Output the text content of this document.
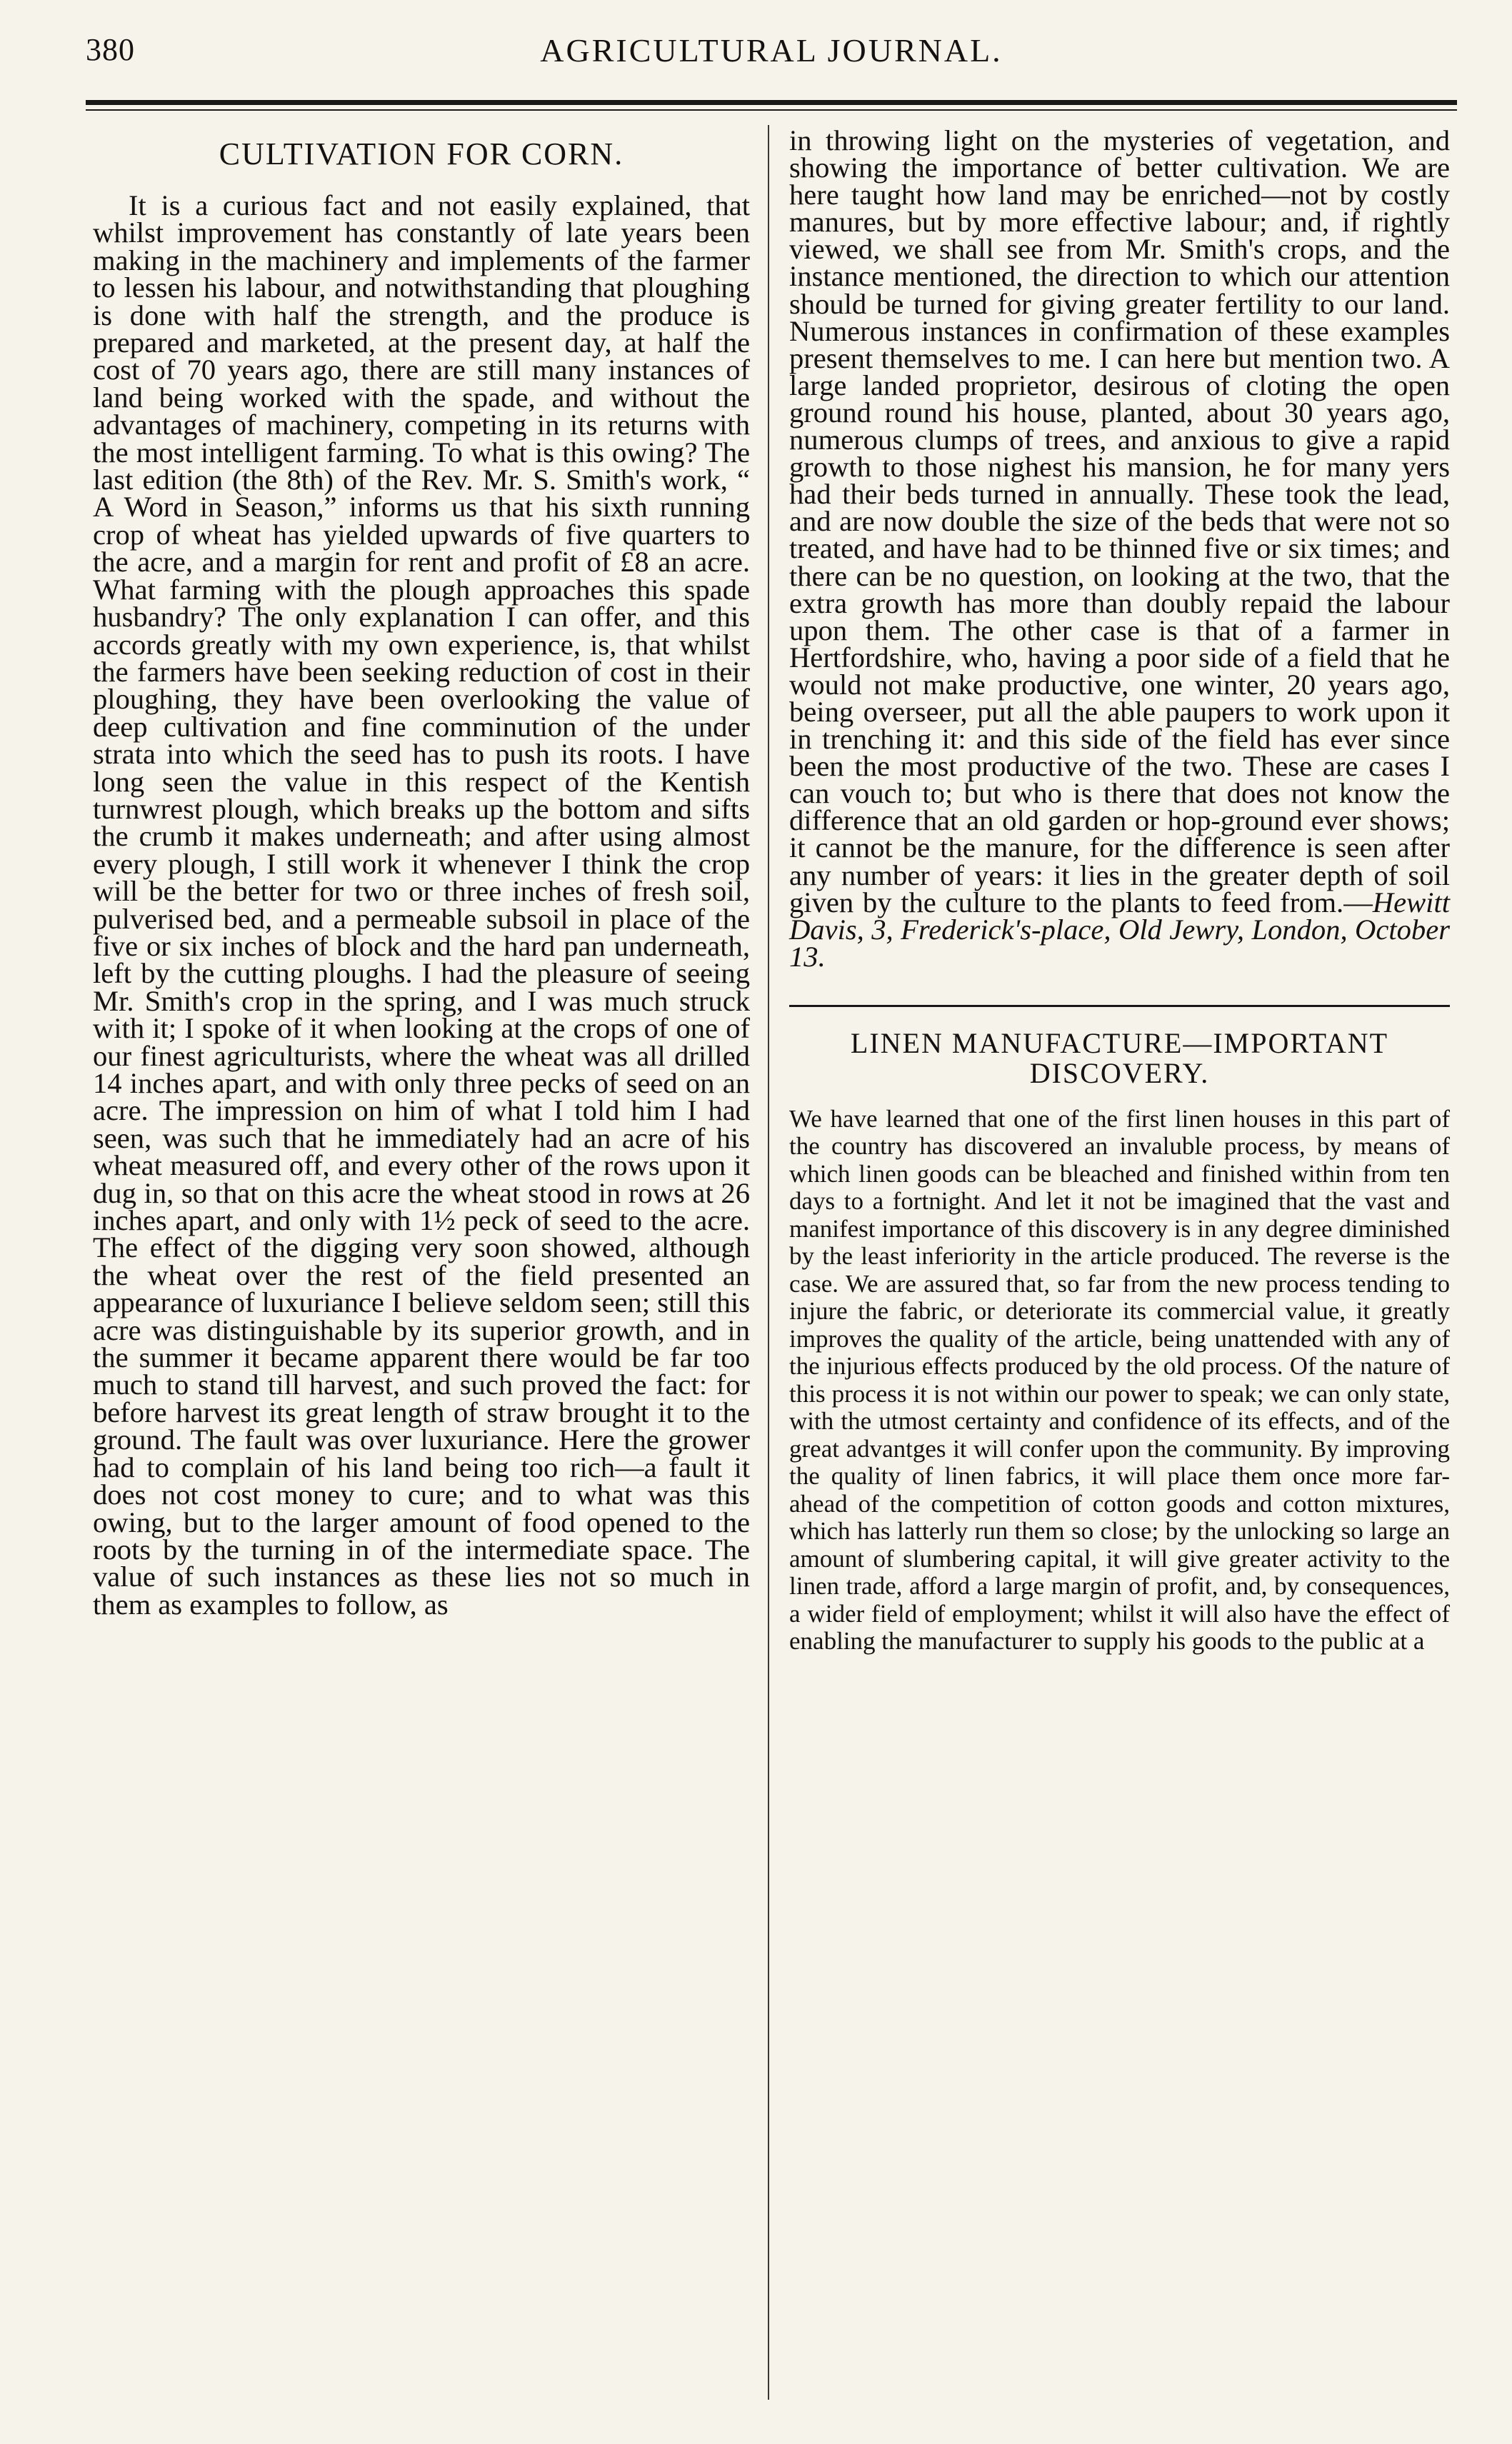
380	AGRICULTURAL JOURNAL.
CULTIVATION FOR CORN.

It is a curious fact and not easily explained, that whilst improvement has constantly of late years been making in the machinery and implements of the farmer to lessen his labour, and notwithstanding that ploughing is done with half the strength, and the produce is prepared and marketed, at the present day, at half the cost of 70 years ago, there are still many instances of land being worked with the spade, and without the advantages of machinery, competing in its returns with the most intelligent farming. To what is this owing? The last edition (the 8th) of the Rev. Mr. S. Smith's work, “ A Word in Season,” informs us that his sixth running crop of wheat has yielded upwards of five quarters to the acre, and a margin for rent and profit of £8 an acre. What farming with the plough approaches this spade husbandry? The only explanation I can offer, and this accords greatly with my own experience, is, that whilst the farmers have been seeking reduction of cost in their ploughing, they have been overlooking the value of deep cultivation and fine comminution of the under strata into which the seed has to push its roots. I have long seen the value in this respect of the Kentish turnwrest plough, which breaks up the bottom and sifts the crumb it makes underneath; and after using almost every plough, I still work it whenever I think the crop will be the better for two or three inches of fresh soil, pulverised bed, and a permeable subsoil in place of the five or six inches of block and the hard pan underneath, left by the cutting ploughs. I had the pleasure of seeing Mr. Smith's crop in the spring, and I was much struck with it; I spoke of it when looking at the crops of one of our finest agriculturists, where the wheat was all drilled 14 inches apart, and with only three pecks of seed on an acre. The impression on him of what I told him I had seen, was such that he immediately had an acre of his wheat measured off, and every other of the rows upon it dug in, so that on this acre the wheat stood in rows at 26 inches apart, and only with 1½ peck of seed to the acre. The effect of the digging very soon showed, although the wheat over the rest of the field presented an appearance of luxuriance I believe seldom seen; still this acre was distinguishable by its superior growth, and in the summer it became apparent there would be far too much to stand till harvest, and such proved the fact: for before harvest its great length of straw brought it to the ground. The fault was over luxuriance. Here the grower had to complain of his land being too rich—a fault it does not cost money to cure; and to what was this owing, but to the larger amount of food opened to the roots by the turning in of the intermediate space. The value of such instances as these lies not so much in them as examples to follow, as

in throwing light on the mysteries of vegetation, and showing the importance of better cultivation. We are here taught how land may be enriched—not by costly manures, but by more effective labour; and, if rightly viewed, we shall see from Mr. Smith's crops, and the instance mentioned, the direction to which our attention should be turned for giving greater fertility to our land. Numerous instances in confirmation of these examples present themselves to me. I can here but mention two. A large landed proprietor, desirous of cloting the open ground round his house, planted, about 30 years ago, numerous clumps of trees, and anxious to give a rapid growth to those nighest his mansion, he for many yers had their beds turned in annually. These took the lead, and are now double the size of the beds that were not so treated, and have had to be thinned five or six times; and there can be no question, on looking at the two, that the extra growth has more than doubly repaid the labour upon them. The other case is that of a farmer in Hertfordshire, who, having a poor side of a field that he would not make productive, one winter, 20 years ago, being overseer, put all the able paupers to work upon it in trenching it: and this side of the field has ever since been the most productive of the two. These are cases I can vouch to; but who is there that does not know the difference that an old garden or hop-ground ever shows; it cannot be the manure, for the difference is seen after any number of years: it lies in the greater depth of soil given by the culture to the plants to feed from.—Hewitt Davis, 3, Frederick's-place, Old Jewry, London, October 13.

LINEN MANUFACTURE—IMPORTANT DISCOVERY.

We have learned that one of the first linen houses in this part of the country has discovered an invaluble process, by means of which linen goods can be bleached and finished within from ten days to a fortnight. And let it not be imagined that the vast and manifest importance of this discovery is in any degree diminished by the least inferiority in the article produced. The reverse is the case. We are assured that, so far from the new process tending to injure the fabric, or deteriorate its commercial value, it greatly improves the quality of the article, being unattended with any of the injurious effects produced by the old process. Of the nature of this process it is not within our power to speak; we can only state, with the utmost certainty and confidence of its effects, and of the great advantges it will confer upon the community. By improving the quality of linen fabrics, it will place them once more far-ahead of the competition of cotton goods and cotton mixtures, which has latterly run them so close; by the unlocking so large an amount of slumbering capital, it will give greater activity to the linen trade, afford a large margin of profit, and, by consequences, a wider field of employment; whilst it will also have the effect of enabling the manufacturer to supply his goods to the public at a
